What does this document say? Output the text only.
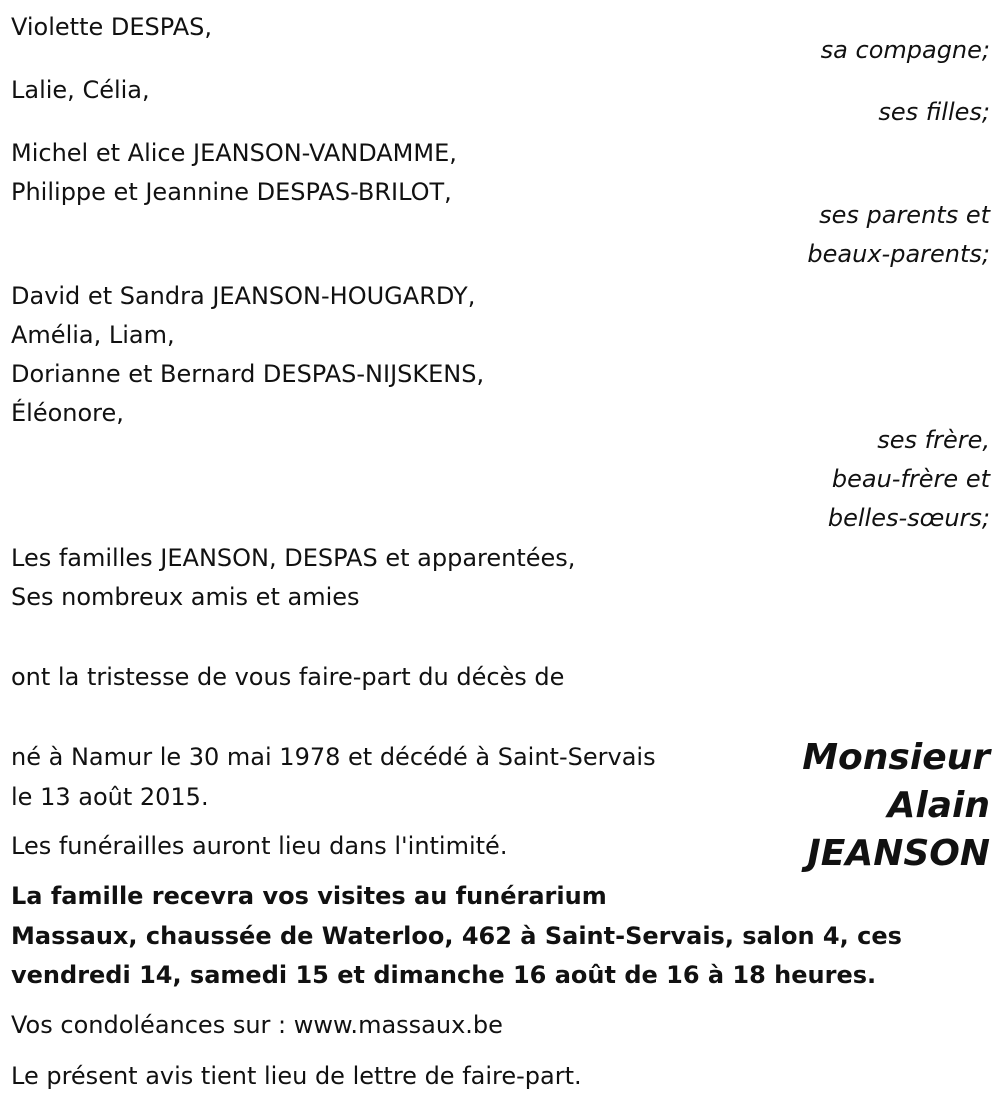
Violette DESPAS,
sa compagne;
Lalie, Célia,
ses filles;
Michel et Alice JEANSON-VANDAMME,
Philippe et Jeannine DESPAS-BRILOT,
ses parents et
beaux-parents;
David et Sandra JEANSON-HOUGARDY,
Amélia, Liam,
Dorianne et Bernard DESPAS-NIJSKENS,
Éléonore,
ses frère,
beau-frère et
belles-sœurs;
Les familles JEANSON, DESPAS et apparentées,
Ses nombreux amis et amies
ont la tristesse de vous faire-part du décès de
Monsieur
Alain
JEANSON
né à Namur le 30 mai 1978 et décédé à Saint-Servais
le 13 août 2015.
Les funérailles auront lieu dans l'intimité.
La famille recevra vos visites au funérarium
Massaux, chaussée de Waterloo, 462 à Saint-Servais, salon 4, ces
vendredi 14, samedi 15 et dimanche 16 août de 16 à 18 heures.
Vos condoléances sur : www.massaux.be
Le présent avis tient lieu de lettre de faire-part.
